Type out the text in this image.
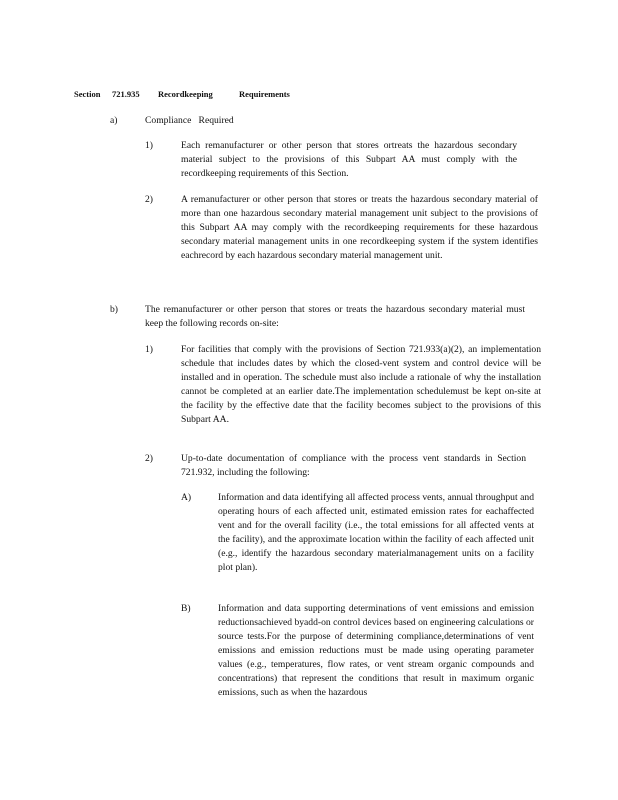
Section 721.935 Recordkeeping	Requirements
a)	Compliance   Required
1)	Each remanufacturer or other person that stores ortreats the hazardous secondary material subject to the provisions of this Subpart AA must comply with the recordkeeping requirements of this Section.
2)	A remanufacturer or other person that stores or treats the hazardous secondary material of more than one hazardous secondary material management unit subject to the provisions of this Subpart AA may comply with the recordkeeping requirements for these hazardous secondary material management units in one recordkeeping system if the system identifies eachrecord by each hazardous secondary material management unit.
b)	The remanufacturer or other person that stores or treats the hazardous secondary material must keep the following records on-site:
1)	For facilities that comply with the provisions of Section 721.933(a)(2), an implementation schedule that includes dates by which the closed-vent system and control device will be installed and in operation. The schedule must also include a rationale of why the installation cannot be completed at an earlier date.The implementation schedulemust be kept on-site at the facility by the effective date that the facility becomes subject to the provisions of this Subpart AA.
2)	Up-to-date documentation of compliance with the process vent standards in Section 721.932, including the following:
A)	Information and data identifying all affected process vents, annual throughput and operating hours of each affected unit, estimated emission rates for eachaffected vent and for the overall facility (i.e., the total emissions for all affected vents at the facility), and the approximate location within the facility of each affected unit (e.g., identify the hazardous secondary materialmanagement units on a facility plot plan).
B)	Information and data supporting determinations of vent emissions and emission reductionsachieved byadd-on control devices based on engineering calculations or source tests.For the purpose of determining compliance,determinations of vent emissions and emission reductions must be made using operating parameter values (e.g., temperatures, flow rates, or vent stream organic compounds and concentrations) that represent the conditions that result in maximum organic emissions, such as when the hazardous
